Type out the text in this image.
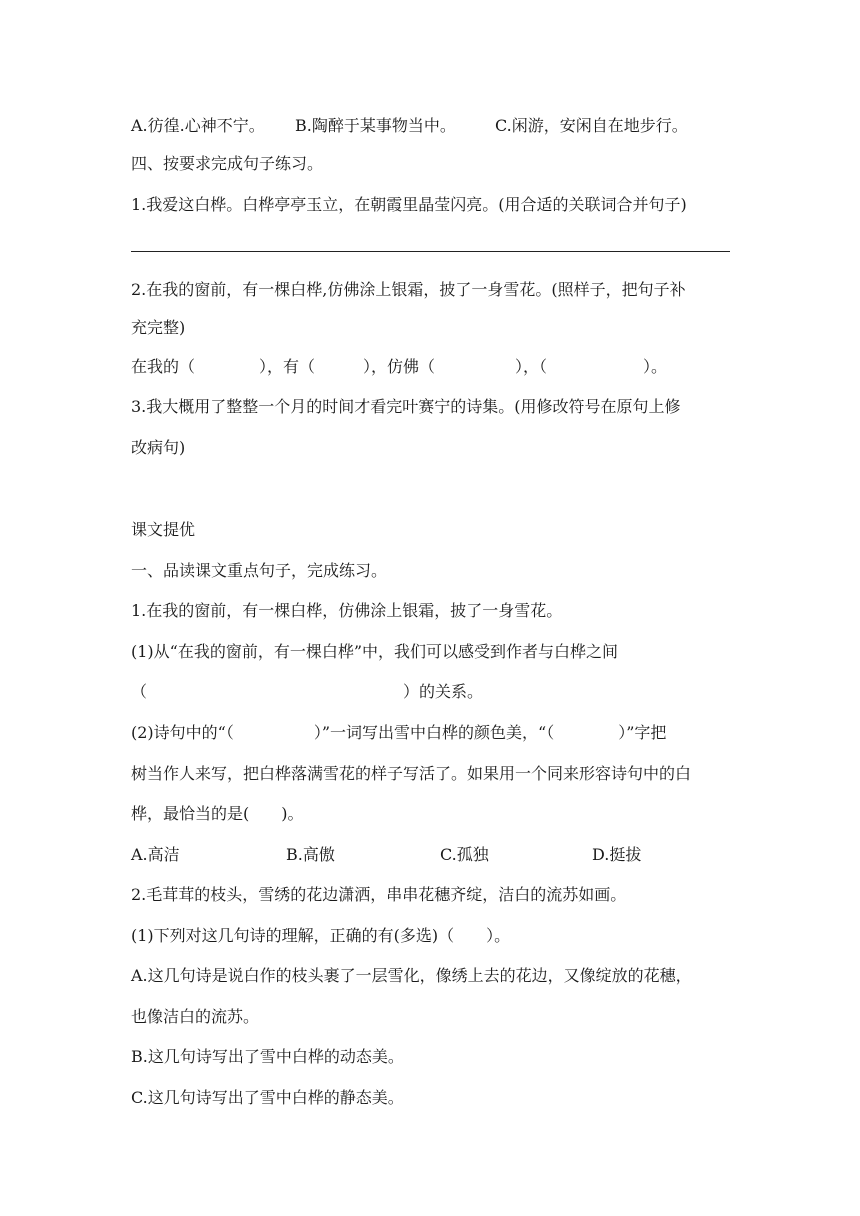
A.彷徨.心神不宁。 B.陶醉于某事物当中。 C.闲游，安闲自在地步行。
四、按要求完成句子练习。
1.我爱这白桦。白桦亭亭玉立，在朝霞里晶莹闪亮。(用合适的关联词合并句子)
2.在我的窗前，有一棵白桦,仿佛涂上银霜，披了一身雪花。(照样子，把句子补
充完整)
在我的（　　　　），有（　　　），仿佛（　　　　　），（　　　　　　）。
3.我大概用了整整一个月的时间才看完叶赛宁的诗集。(用修改符号在原句上修
改病句)
课文提优
一、品读课文重点句子，完成练习。
1.在我的窗前，有一棵白桦，仿佛涂上银霜，披了一身雪花。
(1)从“在我的窗前，有一棵白桦”中，我们可以感受到作者与白桦之间
（　　　　　　　　　　　　　　　　）的关系。
(2)诗句中的“（　　　　　）”一词写出雪中白桦的颜色美，“（　　　　）”字把
树当作人来写，把白桦落满雪花的样子写活了。如果用一个同来形容诗句中的白
桦，最恰当的是(　　)。
A.高洁	B.高傲	C.孤独	D.挺拔
2.毛茸茸的枝头，雪绣的花边潇洒，串串花穗齐绽，洁白的流苏如画。
(1)下列对这几句诗的理解，正确的有(多选)（　　）。
A.这几句诗是说白作的枝头裹了一层雪化，像绣上去的花边，又像绽放的花穗，
也像洁白的流苏。
B.这几句诗写出了雪中白桦的动态美。
C.这几句诗写出了雪中白桦的静态美。
